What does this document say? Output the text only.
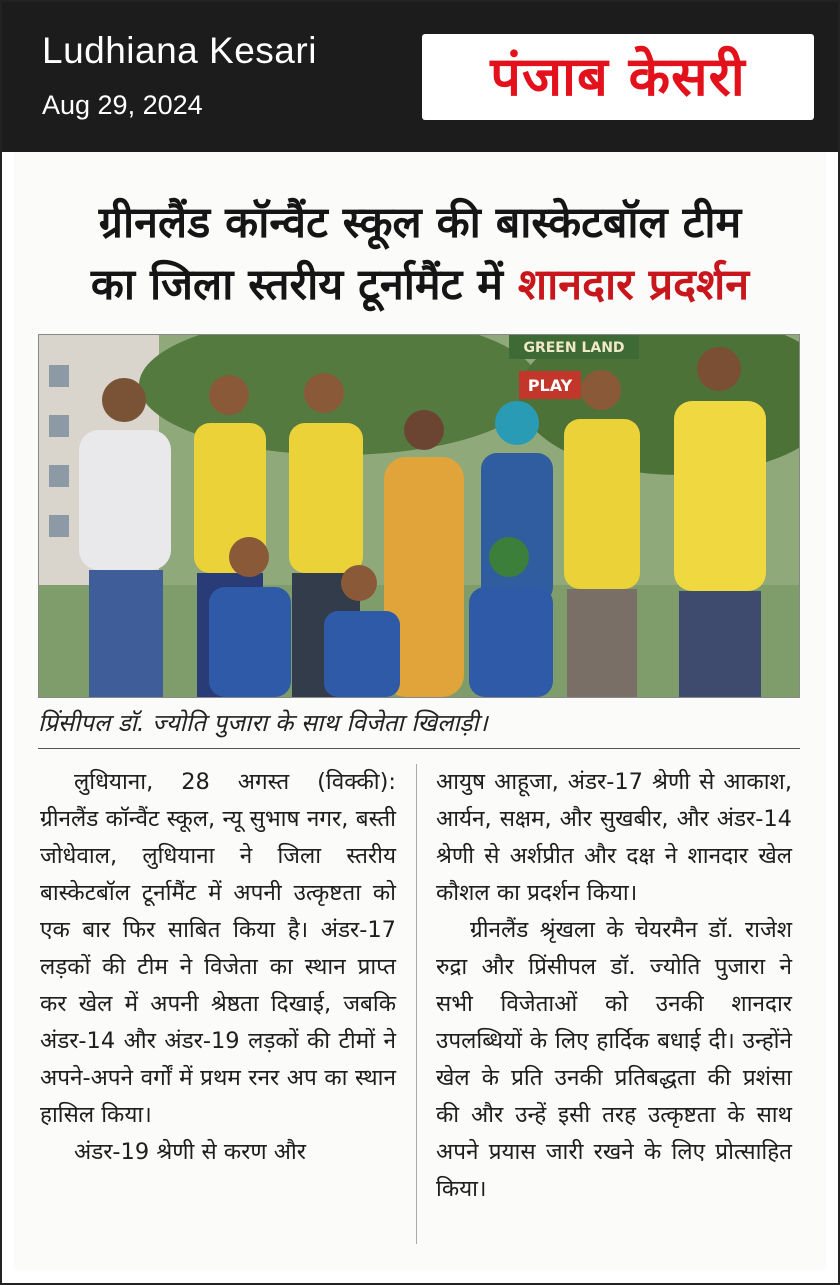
Ludhiana Kesari
Aug 29, 2024	पंजाब केसरी

ग्रीनलैंड कॉन्वैंट स्कूल की बास्केटबॉल टीम
का जिला स्तरीय टूर्नामैंट में शानदार प्रदर्शन
GREEN LAND
PLAY
प्रिंसीपल डॉ. ज्योति पुजारा के साथ विजेता खिलाड़ी।

लुधियाना, 28 अगस्त (विक्की): ग्रीनलैंड कॉन्वैंट स्कूल, न्यू सुभाष नगर, बस्ती जोधेवाल, लुधियाना ने जिला स्तरीय बास्केटबॉल टूर्नामैंट में अपनी उत्कृष्टता को एक बार फिर साबित किया है। अंडर-17 लड़कों की टीम ने विजेता का स्थान प्राप्त कर खेल में अपनी श्रेष्ठता दिखाई, जबकि अंडर-14 और अंडर-19 लड़कों की टीमों ने अपने-अपने वर्गों में प्रथम रनर अप का स्थान हासिल किया।

अंडर-19 श्रेणी से करण और

आयुष आहूजा, अंडर-17 श्रेणी से आकाश, आर्यन, सक्षम, और सुखबीर, और अंडर-14 श्रेणी से अर्शप्रीत और दक्ष ने शानदार खेल कौशल का प्रदर्शन किया।

ग्रीनलैंड श्रृंखला के चेयरमैन डॉ. राजेश रुद्रा और प्रिंसीपल डॉ. ज्योति पुजारा ने सभी विजेताओं को उनकी शानदार उपलब्धियों के लिए हार्दिक बधाई दी। उन्होंने खेल के प्रति उनकी प्रतिबद्धता की प्रशंसा की और उन्हें इसी तरह उत्कृष्टता के साथ अपने प्रयास जारी रखने के लिए प्रोत्साहित किया।
